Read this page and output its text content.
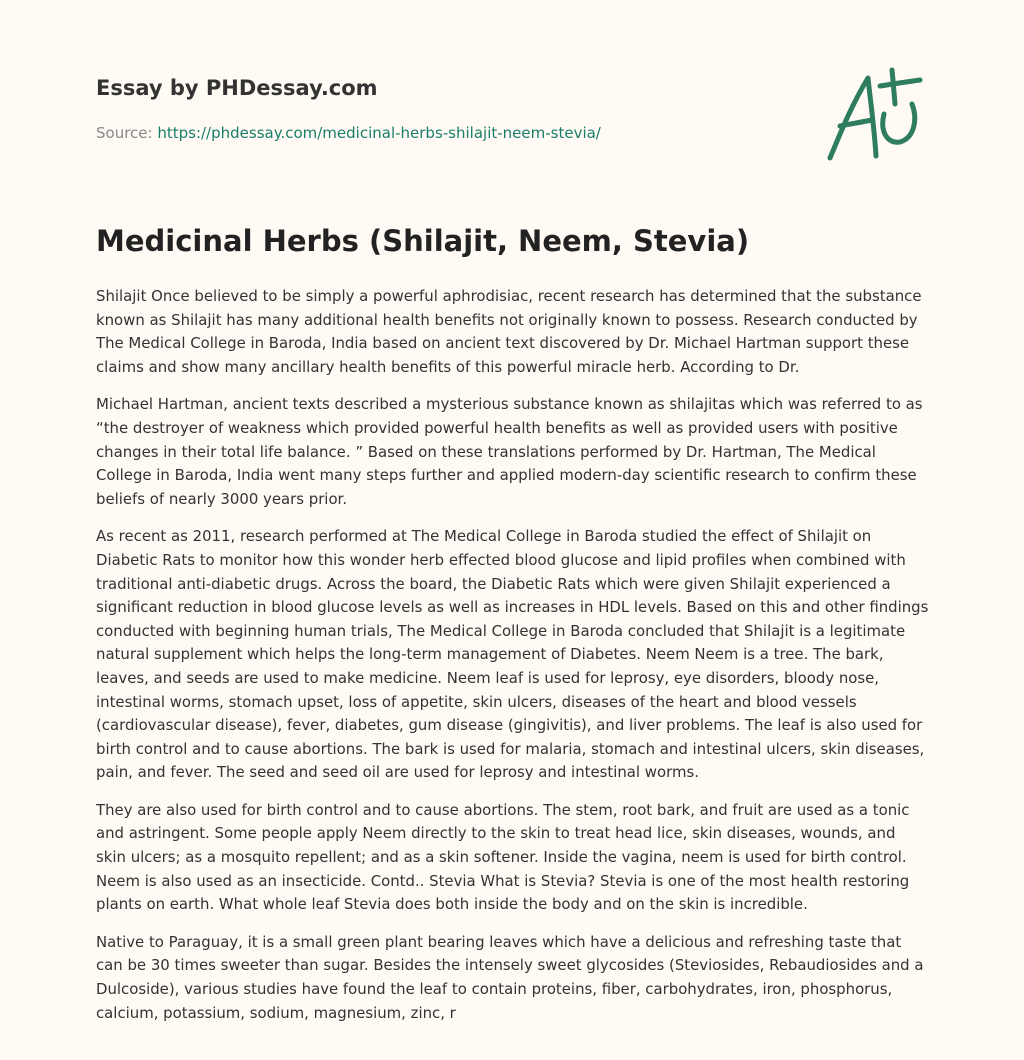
Essay by PHDessay.com

Source: https://phdessay.com/medicinal-herbs-shilajit-neem-stevia/

Medicinal Herbs (Shilajit, Neem, Stevia)

Shilajit Once believed to be simply a powerful aphrodisiac, recent research has determined that the substance known as Shilajit has many additional health benefits not originally known to possess. Research conducted by The Medical College in Baroda, India based on ancient text discovered by Dr. Michael Hartman support these claims and show many ancillary health benefits of this powerful miracle herb. According to Dr.

Michael Hartman, ancient texts described a mysterious substance known as shilajitas which was referred to as “the destroyer of weakness which provided powerful health benefits as well as provided users with positive changes in their total life balance. ” Based on these translations performed by Dr. Hartman, The Medical College in Baroda, India went many steps further and applied modern-day scientific research to confirm these beliefs of nearly 3000 years prior.

As recent as 2011, research performed at The Medical College in Baroda studied the effect of Shilajit on Diabetic Rats to monitor how this wonder herb effected blood glucose and lipid profiles when combined with traditional anti-diabetic drugs. Across the board, the Diabetic Rats which were given Shilajit experienced a significant reduction in blood glucose levels as well as increases in HDL levels. Based on this and other findings conducted with beginning human trials, The Medical College in Baroda concluded that Shilajit is a legitimate natural supplement which helps the long-term management of Diabetes. Neem Neem is a tree. The bark, leaves, and seeds are used to make medicine. Neem leaf is used for leprosy, eye disorders, bloody nose, intestinal worms, stomach upset, loss of appetite, skin ulcers, diseases of the heart and blood vessels (cardiovascular disease), fever, diabetes, gum disease (gingivitis), and liver problems. The leaf is also used for birth control and to cause abortions. The bark is used for malaria, stomach and intestinal ulcers, skin diseases, pain, and fever. The seed and seed oil are used for leprosy and intestinal worms.

They are also used for birth control and to cause abortions. The stem, root bark, and fruit are used as a tonic and astringent. Some people apply Neem directly to the skin to treat head lice, skin diseases, wounds, and skin ulcers; as a mosquito repellent; and as a skin softener. Inside the vagina, neem is used for birth control. Neem is also used as an insecticide. Contd.. Stevia What is Stevia? Stevia is one of the most health restoring plants on earth. What whole leaf Stevia does both inside the body and on the skin is incredible.

Native to Paraguay, it is a small green plant bearing leaves which have a delicious and refreshing taste that can be 30 times sweeter than sugar. Besides the intensely sweet glycosides (Steviosides, Rebaudiosides and a Dulcoside), various studies have found the leaf to contain proteins, fiber, carbohydrates, iron, phosphorus, calcium, potassium, sodium, magnesium, zinc, r
